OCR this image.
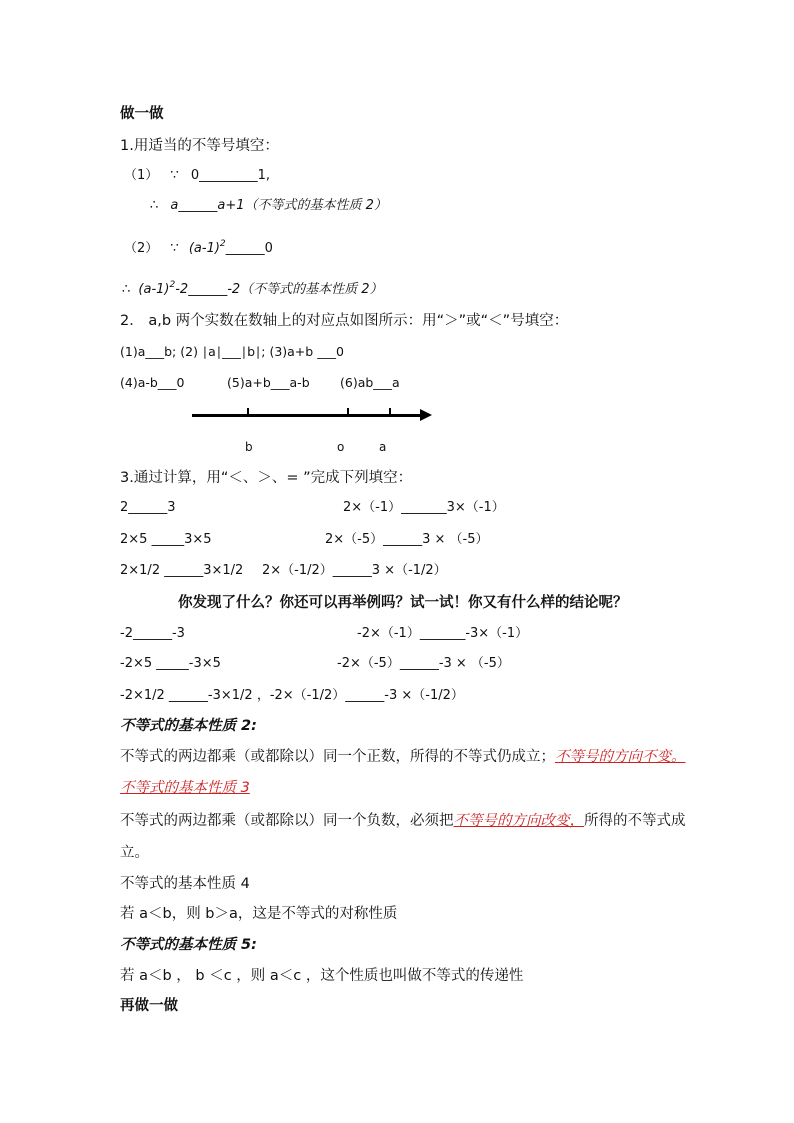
做一做
1.用适当的不等号填空：
（1） ∵ 0_________1,
∴ a______a+1（不等式的基本性质 2）
（2） ∵ $(a-1)^2\_\_\_\_\_\_0$
∴ $(a-1)^2-2\_\_\_\_\_\_-2$（不等式的基本性质 2）
2． a,b 两个实数在数轴上的对应点如图所示：用“＞”或“＜”号填空：
(1)a___b; (2) ∣a∣___∣b∣; (3)a+b ___0
(4)a-b___0	(5)a+b___a-b (6)ab___a
b	o	a
3.通过计算，用“＜、＞、= ”完成下列填空：
2______3	2×（-1）_______3×（-1）
2×5 _____3×5	2×（-5）______3 × （-5）
2×1/2 ______3×1/2 2×（-1/2）______3 ×（-1/2）
你发现了什么？你还可以再举例吗？试一试！你又有什么样的结论呢？
-2______-3	-2×（-1）_______-3×（-1）
-2×5 _____-3×5	-2×（-5）______-3 × （-5）
-2×1/2 ______-3×1/2 ，-2×（-1/2）______-3 ×（-1/2）
不等式的基本性质 2:
不等式的两边都乘（或都除以）同一个正数，所得的不等式仍成立；不等号的方向不变。
不等式的基本性质 3
不等式的两边都乘（或都除以）同一个负数，必须把不等号的方向改变，所得的不等式成
立。
不等式的基本性质 4
若 a＜b，则 b＞a，这是不等式的对称性质
不等式的基本性质 5:
若 a＜b ， b ＜c ，则 a＜c ，这个性质也叫做不等式的传递性
再做一做
